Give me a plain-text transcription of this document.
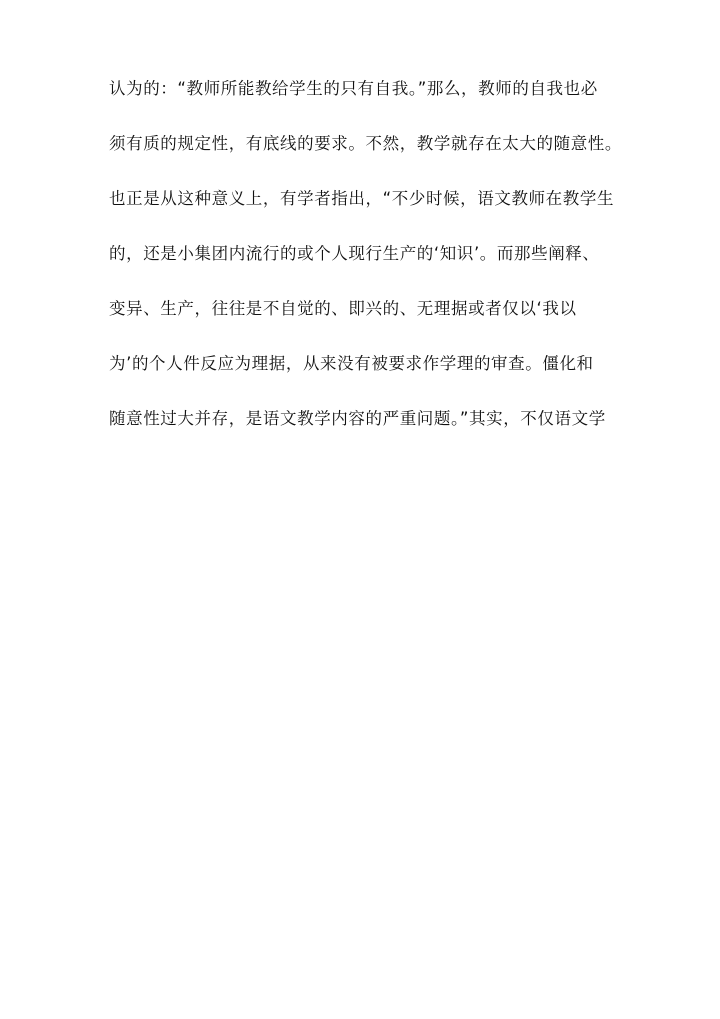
认为的：“教师所能教给学生的只有自我。”那么，教师的自我也必

须有质的规定性，有底线的要求。不然，教学就存在太大的随意性。

也正是从这种意义上，有学者指出，“不少时候，语文教师在教学生

的，还是小集团内流行的或个人现行生产的‘知识’。而那些阐释、

变异、生产，往往是不自觉的、即兴的、无理据或者仅以‘我以

为’的个人件反应为理据，从来没有被要求作学理的审查。僵化和

随意性过大并存，是语文教学内容的严重问题。”其实，不仅语文学
